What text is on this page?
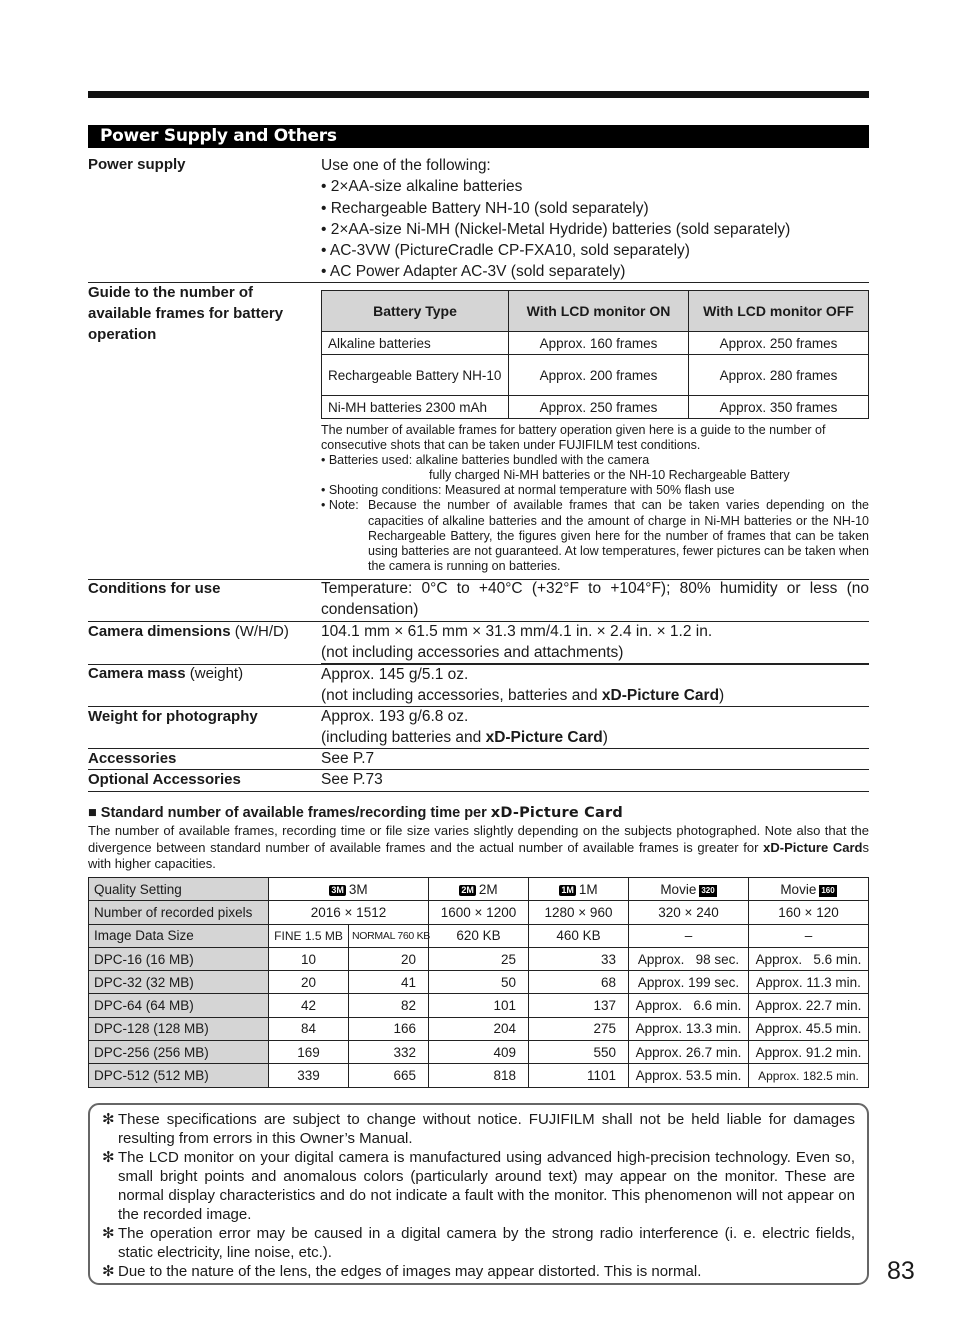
Power Supply and Others
Power supply	Use one of the following:
• 2×AA-size alkaline batteries
• Rechargeable Battery NH-10 (sold separately)
• 2×AA-size Ni-MH (Nickel-Metal Hydride) batteries (sold separately)
• AC-3VW (PictureCradle CP-FXA10, sold separately)
• AC Power Adapter AC-3V (sold separately)
Guide to the number of available frames for battery operation
Battery Type	With LCD monitor ON	With LCD monitor OFF
Alkaline batteries	Approx. 160 frames	Approx. 250 frames
Rechargeable Battery NH-10	Approx. 200 frames	Approx. 280 frames
Ni-MH batteries 2300 mAh	Approx. 250 frames	Approx. 350 frames

The number of available frames for battery operation given here is a guide to the number of consecutive shots that can be taken under FUJIFILM test conditions.

• Batteries used: alkaline batteries bundled with the camera

fully charged Ni-MH batteries or the NH-10 Rechargeable Battery

• Shooting conditions: Measured at normal temperature with 50% flash use

• Note: Because the number of available frames that can be taken varies depending on the capacities of alkaline batteries and the amount of charge in Ni-MH batteries or the NH-10 Rechargeable Battery, the figures given here for the number of frames that can be taken using batteries are not guaranteed. At low temperatures, fewer pictures can be taken when the camera is running on batteries.
Conditions for use	Temperature: 0°C to +40°C (+32°F to +104°F); 80% humidity or less (no condensation)
Camera dimensions (W/H/D)	104.1 mm × 61.5 mm × 31.3 mm/4.1 in. × 2.4 in. × 1.2 in.
(not including accessories and attachments)
Camera mass (weight)	Approx. 145 g/5.1 oz.
(not including accessories, batteries and xD-Picture Card)
Weight for photography	Approx. 193 g/6.8 oz.
(including batteries and xD-Picture Card)
Accessories	See P.7
Optional Accessories	See P.73
■ Standard number of available frames/recording time per xD-Picture Card
The number of available frames, recording time or file size varies slightly depending on the subjects photographed. Note also that the divergence between standard number of available frames and the actual number of available frames is greater for xD-Picture Cards with higher capacities.
Quality Setting	3M 3M		2M 2M	1M 1M	Movie 320	Movie 160
Number of recorded pixels	2016 × 1512		1600 × 1200	1280 × 960	320 × 240	160 × 120
Image Data Size	FINE 1.5 MB	NORMAL 760 KB	620 KB	460 KB	–	–
DPC-16 (16 MB)	10	20	25	33	Approx.   98 sec.	Approx.   5.6 min.
DPC-32 (32 MB)	20	41	50	68	Approx. 199 sec.	Approx. 11.3 min.
DPC-64 (64 MB)	42	82	101	137	Approx.   6.6 min.	Approx. 22.7 min.
DPC-128 (128 MB)	84	166	204	275	Approx. 13.3 min.	Approx. 45.5 min.
DPC-256 (256 MB)	169	332	409	550	Approx. 26.7 min.	Approx. 91.2 min.
DPC-512 (512 MB)	339	665	818	1101	Approx. 53.5 min.	Approx. 182.5 min.
✻ These specifications are subject to change without notice. FUJIFILM shall not be held liable for damages resulting from errors in this Owner’s Manual.
✻ The LCD monitor on your digital camera is manufactured using advanced high-precision technology. Even so, small bright points and anomalous colors (particularly around text) may appear on the monitor. These are normal display characteristics and do not indicate a fault with the monitor. This phenomenon will not appear on the recorded image.
✻ The operation error may be caused in a digital camera by the strong radio interference (i. e. electric fields, static electricity, line noise, etc.).
✻ Due to the nature of the lens, the edges of images may appear distorted. This is normal.	83
